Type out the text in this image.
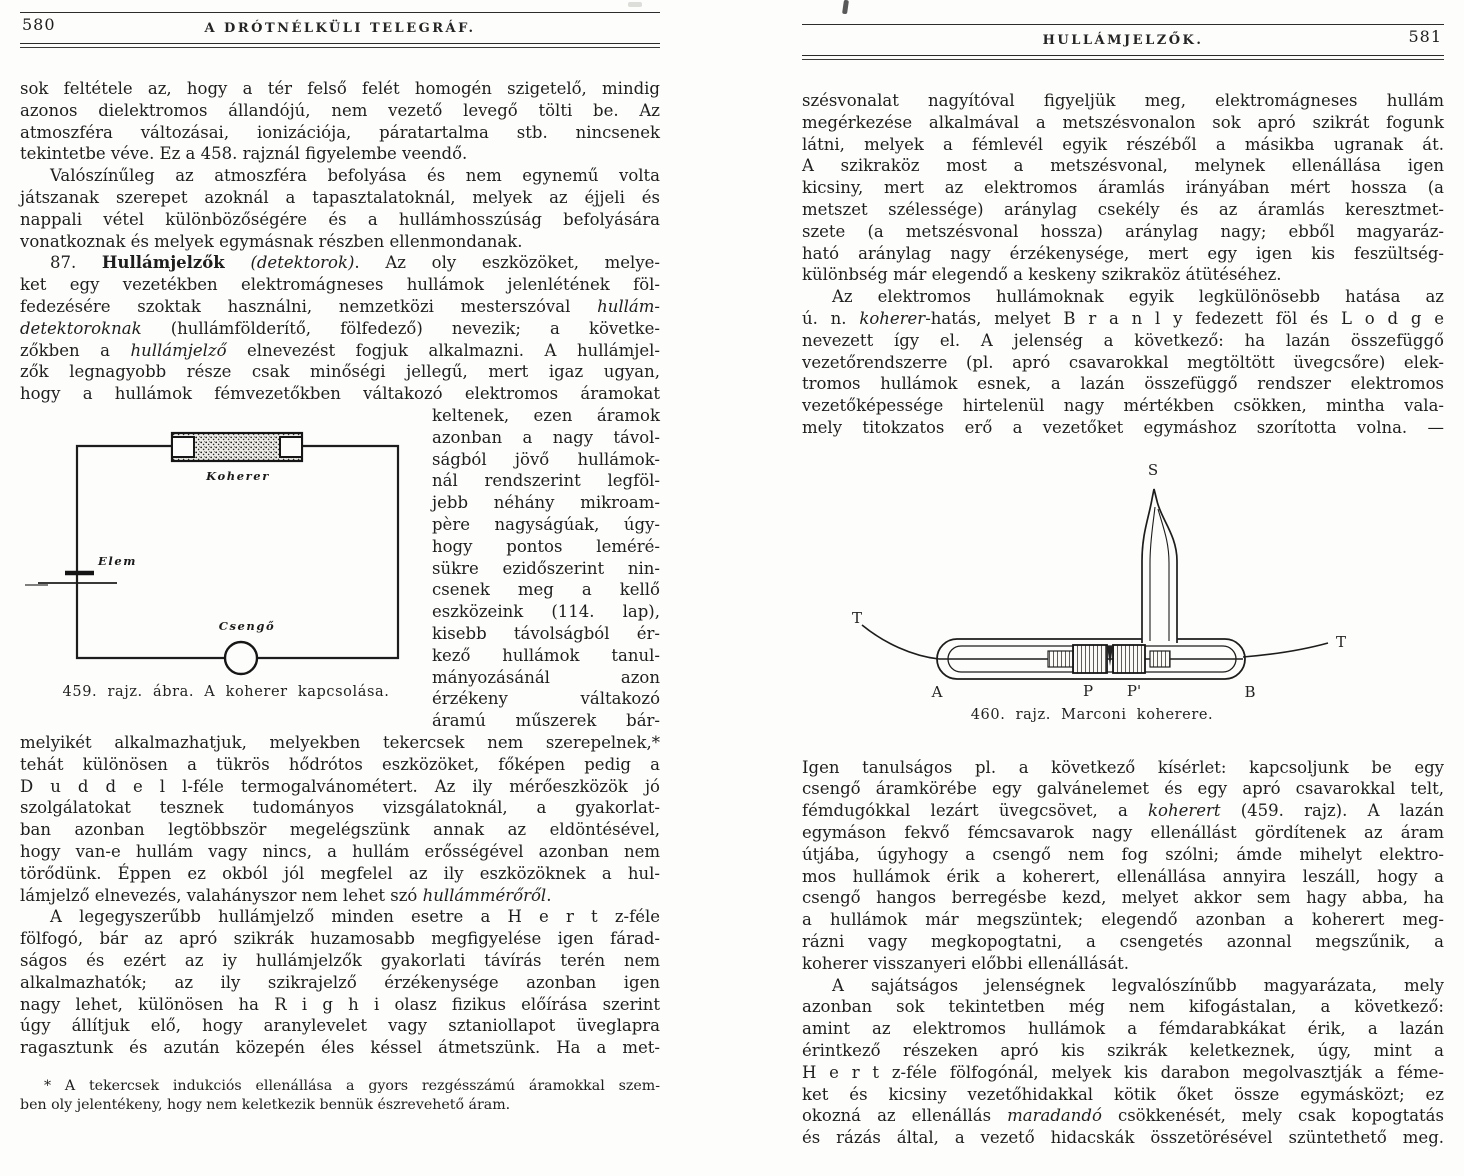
580	A DRÓTNÉLKÜLI TELEGRÁF.
sok feltétele az, hogy a tér felső felét homogén szigetelő, mindig
azonos dielektromos állandójú, nem vezető levegő tölti be. Az
atmoszféra változásai, ionizációja, páratartalma stb. nincsenek
tekintetbe véve. Ez a 458. rajznál figyelembe veendő.
Valószínűleg az atmoszféra befolyása és nem egynemű volta
játszanak szerepet azoknál a tapasztalatoknál, melyek az éjjeli és
nappali vétel különbözőségére és a hullámhosszúság befolyására
vonatkoznak és melyek egymásnak részben ellenmondanak.
87. Hullámjelzők (detektorok). Az oly eszközöket, melye-
ket egy vezetékben elektromágneses hullámok jelenlétének föl-
fedezésére szoktak használni, nemzetközi mesterszóval hullám-
detektoroknak (hullámfölderítő, fölfedező) nevezik; a követke-
zőkben a hullámjelző elnevezést fogjuk alkalmazni. A hullámjel-
zők legnagyobb része csak minőségi jellegű, mert igaz ugyan,
hogy a hullámok fémvezetőkben váltakozó elektromos áramokat
Koherer
Elem
Csengő
459. rajz. ábra. A koherer kapcsolása.
keltenek, ezen áramok
azonban a nagy távol-
ságból jövő hullámok-
nál rendszerint legföl-
jebb néhány mikroam-
père nagyságúak, úgy-
hogy pontos leméré-
sükre ezidőszerint nin-
csenek meg a kellő
eszközeink (114. lap),
kisebb távolságból ér-
kező hullámok tanul-
mányozásánál azon
érzékeny váltakozó
áramú műszerek bár-
melyikét alkalmazhatjuk, melyekben tekercsek nem szerepelnek,*
tehát különösen a tükrös hődrótos eszközöket, főképen pedig a
D u d d e l l-féle termogalvánométert. Az ily mérőeszközök jó
szolgálatokat tesznek tudományos vizsgálatoknál, a gyakorlat-
ban azonban legtöbbször megelégszünk annak az eldöntésével,
hogy van-e hullám vagy nincs, a hullám erősségével azonban nem
törődünk. Éppen ez okból jól megfelel az ily eszközöknek a hul-
lámjelző elnevezés, valahányszor nem lehet szó hullámmérőről.
A legegyszerűbb hullámjelző minden esetre a H e r t z-féle
fölfogó, bár az apró szikrák huzamosabb megfigyelése igen fárad-
ságos és ezért az iy hullámjelzők gyakorlati távírás terén nem
alkalmazhatók; az ily szikrajelző érzékenysége azonban igen
nagy lehet, különösen ha R i g h i olasz fizikus előírása szerint
úgy állítjuk elő, hogy aranylevelet vagy sztaniollapot üveglapra
ragasztunk és azután közepén éles késsel átmetszünk. Ha a met-
* A tekercsek indukciós ellenállása a gyors rezgésszámú áramokkal szem-
ben oly jelentékeny, hogy nem keletkezik bennük észrevehető áram.
HULLÁMJELZŐK.	581
szésvonalat nagyítóval figyeljük meg, elektromágneses hullám
megérkezése alkalmával a metszésvonalon sok apró szikrát fogunk
látni, melyek a fémlevél egyik részéből a másikba ugranak át.
A szikraköz most a metszésvonal, melynek ellenállása igen
kicsiny, mert az elektromos áramlás irányában mért hossza (a
metszet szélessége) aránylag csekély és az áramlás keresztmet-
szete (a metszésvonal hossza) aránylag nagy; ebből magyaráz-
ható aránylag nagy érzékenysége, mert egy igen kis feszültség-
különbség már elegendő a keskeny szikraköz átütéséhez.
Az elektromos hullámoknak egyik legkülönösebb hatása az
ú. n. koherer-hatás, melyet B r a n l y fedezett föl és L o d g e
nevezett így el. A jelenség a következő: ha lazán összefüggő
vezetőrendszerre (pl. apró csavarokkal megtöltött üvegcsőre) elek-
tromos hullámok esnek, a lazán összefüggő rendszer elektromos
vezetőképessége hirtelenül nagy mértékben csökken, mintha vala-
mely titokzatos erő a vezetőket egymáshoz szorította volna. —
T
T
S
A	P P'	B
460. rajz. Marconi koherere.
Igen tanulságos pl. a következő kísérlet: kapcsoljunk be egy
csengő áramkörébe egy galvánelemet és egy apró csavarokkal telt,
fémdugókkal lezárt üvegcsövet, a koherert (459. rajz). A lazán
egymáson fekvő fémcsavarok nagy ellenállást gördítenek az áram
útjába, úgyhogy a csengő nem fog szólni; ámde mihelyt elektro-
mos hullámok érik a koherert, ellenállása annyira leszáll, hogy a
csengő hangos berregésbe kezd, melyet akkor sem hagy abba, ha
a hullámok már megszüntek; elegendő azonban a koherert meg-
rázni vagy megkopogtatni, a csengetés azonnal megszűnik, a
koherer visszanyeri előbbi ellenállását.
A sajátságos jelenségnek legvalószínűbb magyarázata, mely
azonban sok tekintetben még nem kifogástalan, a következő:
amint az elektromos hullámok a fémdarabkákat érik, a lazán
érintkező részeken apró kis szikrák keletkeznek, úgy, mint a
H e r t z-féle fölfogónál, melyek kis darabon megolvasztják a féme-
ket és kicsiny vezetőhidakkal kötik őket össze egymásközt; ez
okozná az ellenállás maradandó csökkenését, mely csak kopogtatás
és rázás által, a vezető hidacskák összetörésével szüntethető meg.
